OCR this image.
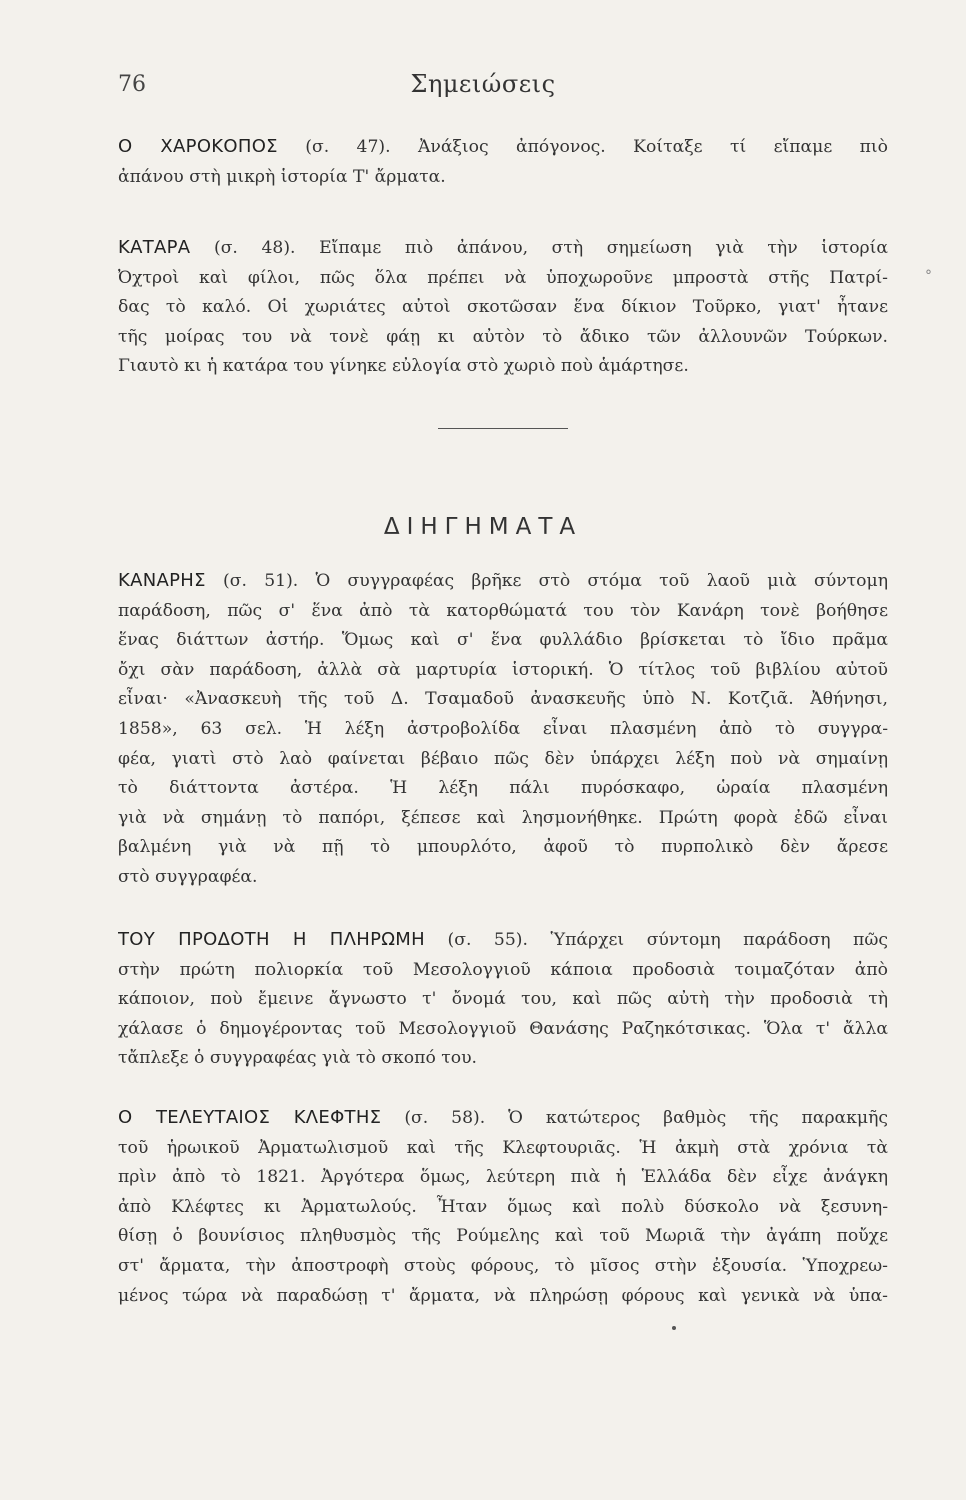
76	Σημειώσεις
°
Ο ΧΑΡΟΚΟΠΟΣ (σ. 47). Ἀνάξιος ἀπόγονος. Κοίταξε τί εἴπαμε πιὸ
ἀπάνου στὴ μικρὴ ἱστορία Τ' ἄρματα.
ΚΑΤΑΡΑ (σ. 48). Εἴπαμε πιὸ ἀπάνου, στὴ σημείωση γιὰ τὴν ἱστορία
Ὀχτροὶ καὶ φίλοι, πῶς ὅλα πρέπει νὰ ὑποχωροῦνε μπροστὰ στῆς Πατρί-
δας τὸ καλό. Οἱ χωριάτες αὐτοὶ σκοτῶσαν ἕνα δίκιον Τοῦρκο, γιατ' ἦτανε
τῆς μοίρας του νὰ τονὲ φάῃ κι αὐτὸν τὸ ἄδικο τῶν ἀλλουνῶν Τούρκων.
Γιαυτὸ κι ἡ κατάρα του γίνηκε εὐλογία στὸ χωριὸ ποὺ ἁμάρτησε.
ΔΙΗΓΗΜΑΤΑ
ΚΑΝΑΡΗΣ (σ. 51). Ὁ συγγραφέας βρῆκε στὸ στόμα τοῦ λαοῦ μιὰ σύντομη
παράδοση, πῶς σ' ἕνα ἀπὸ τὰ κατορθώματά του τὸν Κανάρη τονὲ βοήθησε
ἕνας διάττων ἀστήρ. Ὅμως καὶ σ' ἕνα φυλλάδιο βρίσκεται τὸ ἴδιο πρᾶμα
ὄχι σὰν παράδοση, ἀλλὰ σὰ μαρτυρία ἱστορική. Ὁ τίτλος τοῦ βιβλίου αὐτοῦ
εἶναι· «Ἀνασκευὴ τῆς τοῦ Δ. Τσαμαδοῦ ἀνασκευῆς ὑπὸ Ν. Κοτζιᾶ. Ἀθήνησι,
1858», 63 σελ. Ἡ λέξη ἀστροβολίδα εἶναι πλασμένη ἀπὸ τὸ συγγρα-
φέα, γιατὶ στὸ λαὸ φαίνεται βέβαιο πῶς δὲν ὑπάρχει λέξη ποὺ νὰ σημαίνῃ
τὸ διάττοντα ἀστέρα. Ἡ λέξη πάλι πυρόσκαφο, ὡραία πλασμένη
γιὰ νὰ σημάνῃ τὸ παπόρι, ξέπεσε καὶ λησμονήθηκε. Πρώτη φορὰ ἐδῶ εἶναι
βαλμένη γιὰ νὰ πῇ τὸ μπουρλότο, ἀφοῦ τὸ πυρπολικὸ δὲν ἄρεσε
στὸ συγγραφέα.
ΤΟΥ ΠΡΟΔΟΤΗ Η ΠΛΗΡΩΜΗ (σ. 55). Ὑπάρχει σύντομη παράδοση πῶς
στὴν πρώτη πολιορκία τοῦ Μεσολογγιοῦ κάποια προδοσιὰ τοιμαζόταν ἀπὸ
κάποιον, ποὺ ἔμεινε ἄγνωστο τ' ὄνομά του, καὶ πῶς αὐτὴ τὴν προδοσιὰ τὴ
χάλασε ὁ δημογέροντας τοῦ Μεσολογγιοῦ Θανάσης Ραζηκότσικας. Ὅλα τ' ἄλλα
τἄπλεξε ὁ συγγραφέας γιὰ τὸ σκοπό του.
Ο ΤΕΛΕΥΤΑΙΟΣ ΚΛΕΦΤΗΣ (σ. 58). Ὁ κατώτερος βαθμὸς τῆς παρακμῆς
τοῦ ἡρωικοῦ Ἀρματωλισμοῦ καὶ τῆς Κλεφτουριᾶς. Ἡ ἀκμὴ στὰ χρόνια τὰ
πρὶν ἀπὸ τὸ 1821. Ἀργότερα ὅμως, λεύτερη πιὰ ἡ Ἑλλάδα δὲν εἶχε ἀνάγκη
ἀπὸ Κλέφτες κι Ἀρματωλούς. Ἦταν ὅμως καὶ πολὺ δύσκολο νὰ ξεσυνη-
θίσῃ ὁ βουνίσιος πληθυσμὸς τῆς Ρούμελης καὶ τοῦ Μωριᾶ τὴν ἀγάπη ποὔχε
στ' ἄρματα, τὴν ἀποστροφὴ στοὺς φόρους, τὸ μῖσος στὴν ἐξουσία. Ὑποχρεω-
μένος τώρα νὰ παραδώσῃ τ' ἄρματα, νὰ πληρώσῃ φόρους καὶ γενικὰ νὰ ὑπα-
